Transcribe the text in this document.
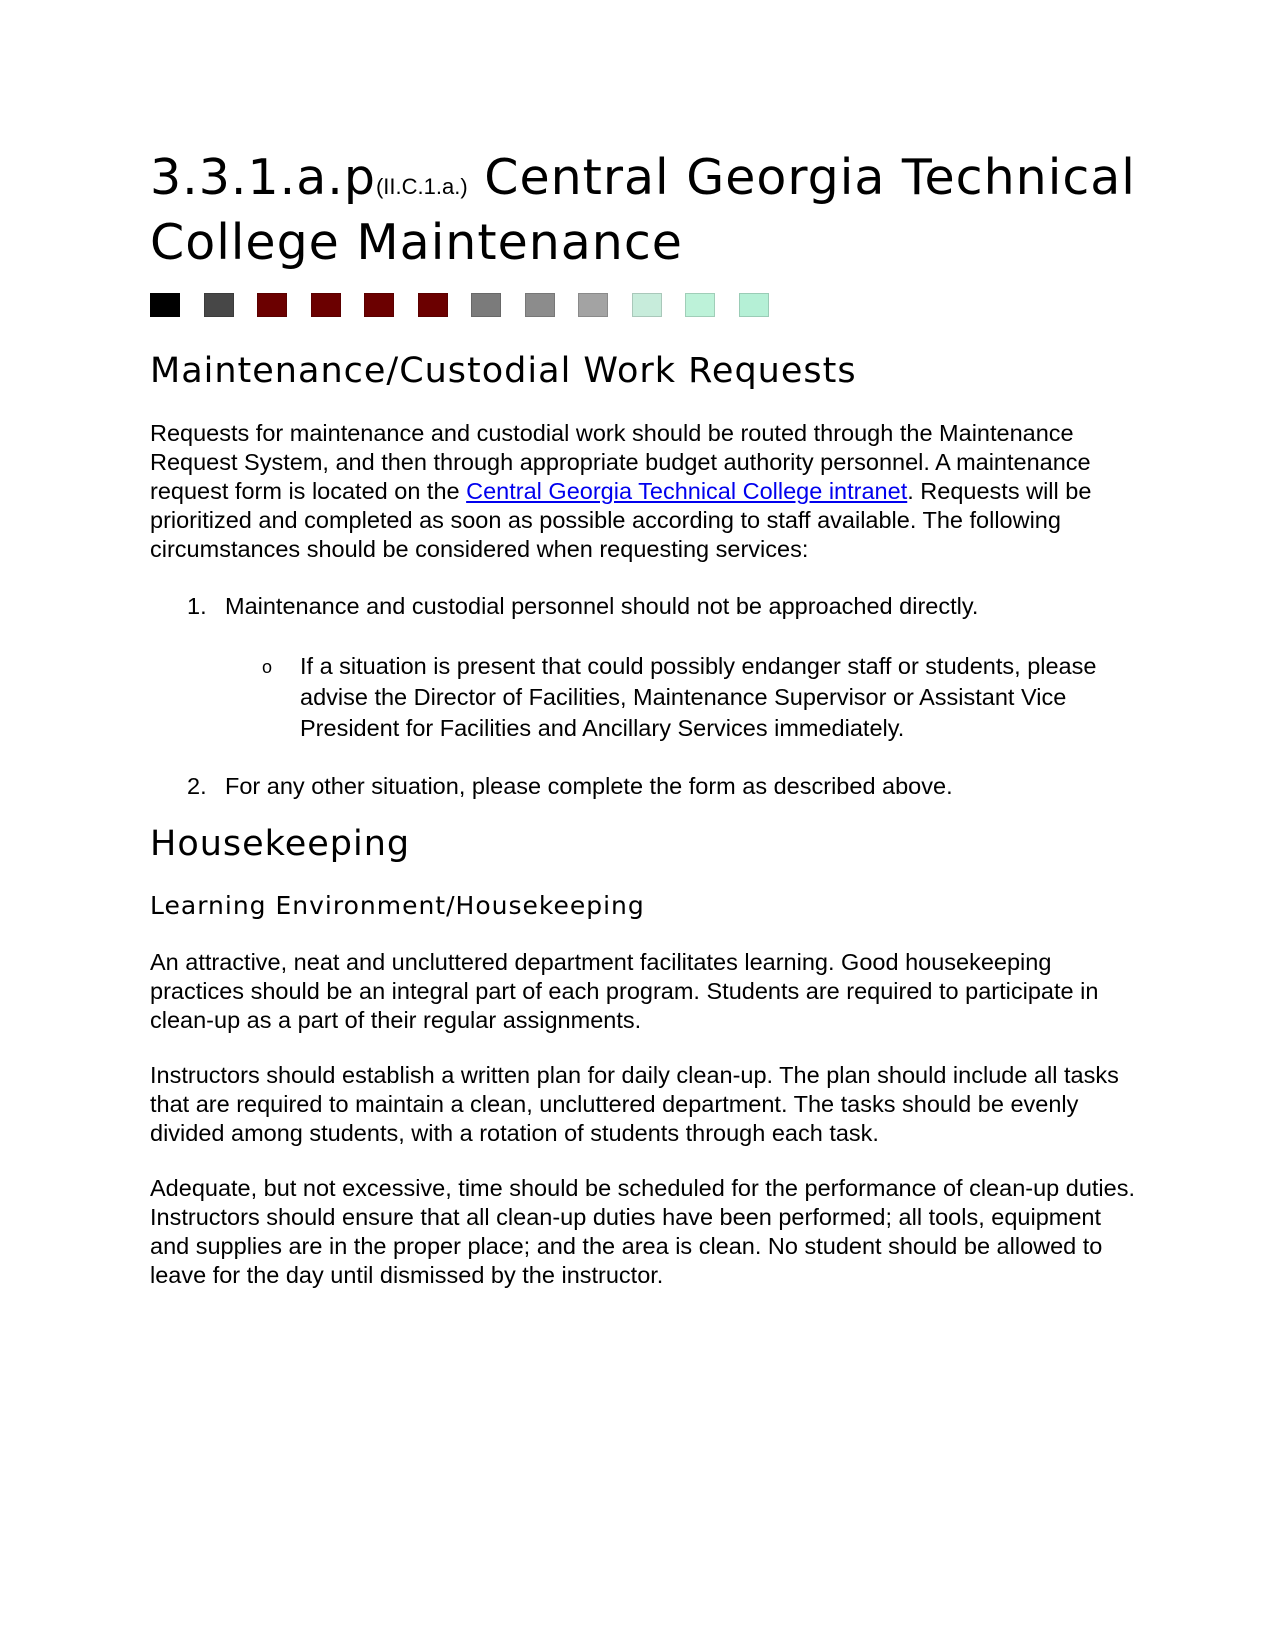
3.3.1.a.p(II.C.1.a.) Central Georgia Technical College Maintenance
Maintenance/Custodial Work Requests

Requests for maintenance and custodial work should be routed through the Maintenance Request System, and then through appropriate budget authority personnel. A maintenance request form is located on the Central Georgia Technical College intranet. Requests will be prioritized and completed as soon as possible according to staff available. The following circumstances should be considered when requesting services:

1. Maintenance and custodial personnel should not be approached directly.
o If a situation is present that could possibly endanger staff or students, please advise the Director of Facilities, Maintenance Supervisor or Assistant Vice President for Facilities and Ancillary Services immediately.
2. For any other situation, please complete the form as described above.
Housekeeping
Learning Environment/Housekeeping

An attractive, neat and uncluttered department facilitates learning. Good housekeeping practices should be an integral part of each program. Students are required to participate in clean-up as a part of their regular assignments.

Instructors should establish a written plan for daily clean-up. The plan should include all tasks that are required to maintain a clean, uncluttered department. The tasks should be evenly divided among students, with a rotation of students through each task.

Adequate, but not excessive, time should be scheduled for the performance of clean-up duties. Instructors should ensure that all clean-up duties have been performed; all tools, equipment and supplies are in the proper place; and the area is clean. No student should be allowed to leave for the day until dismissed by the instructor.
